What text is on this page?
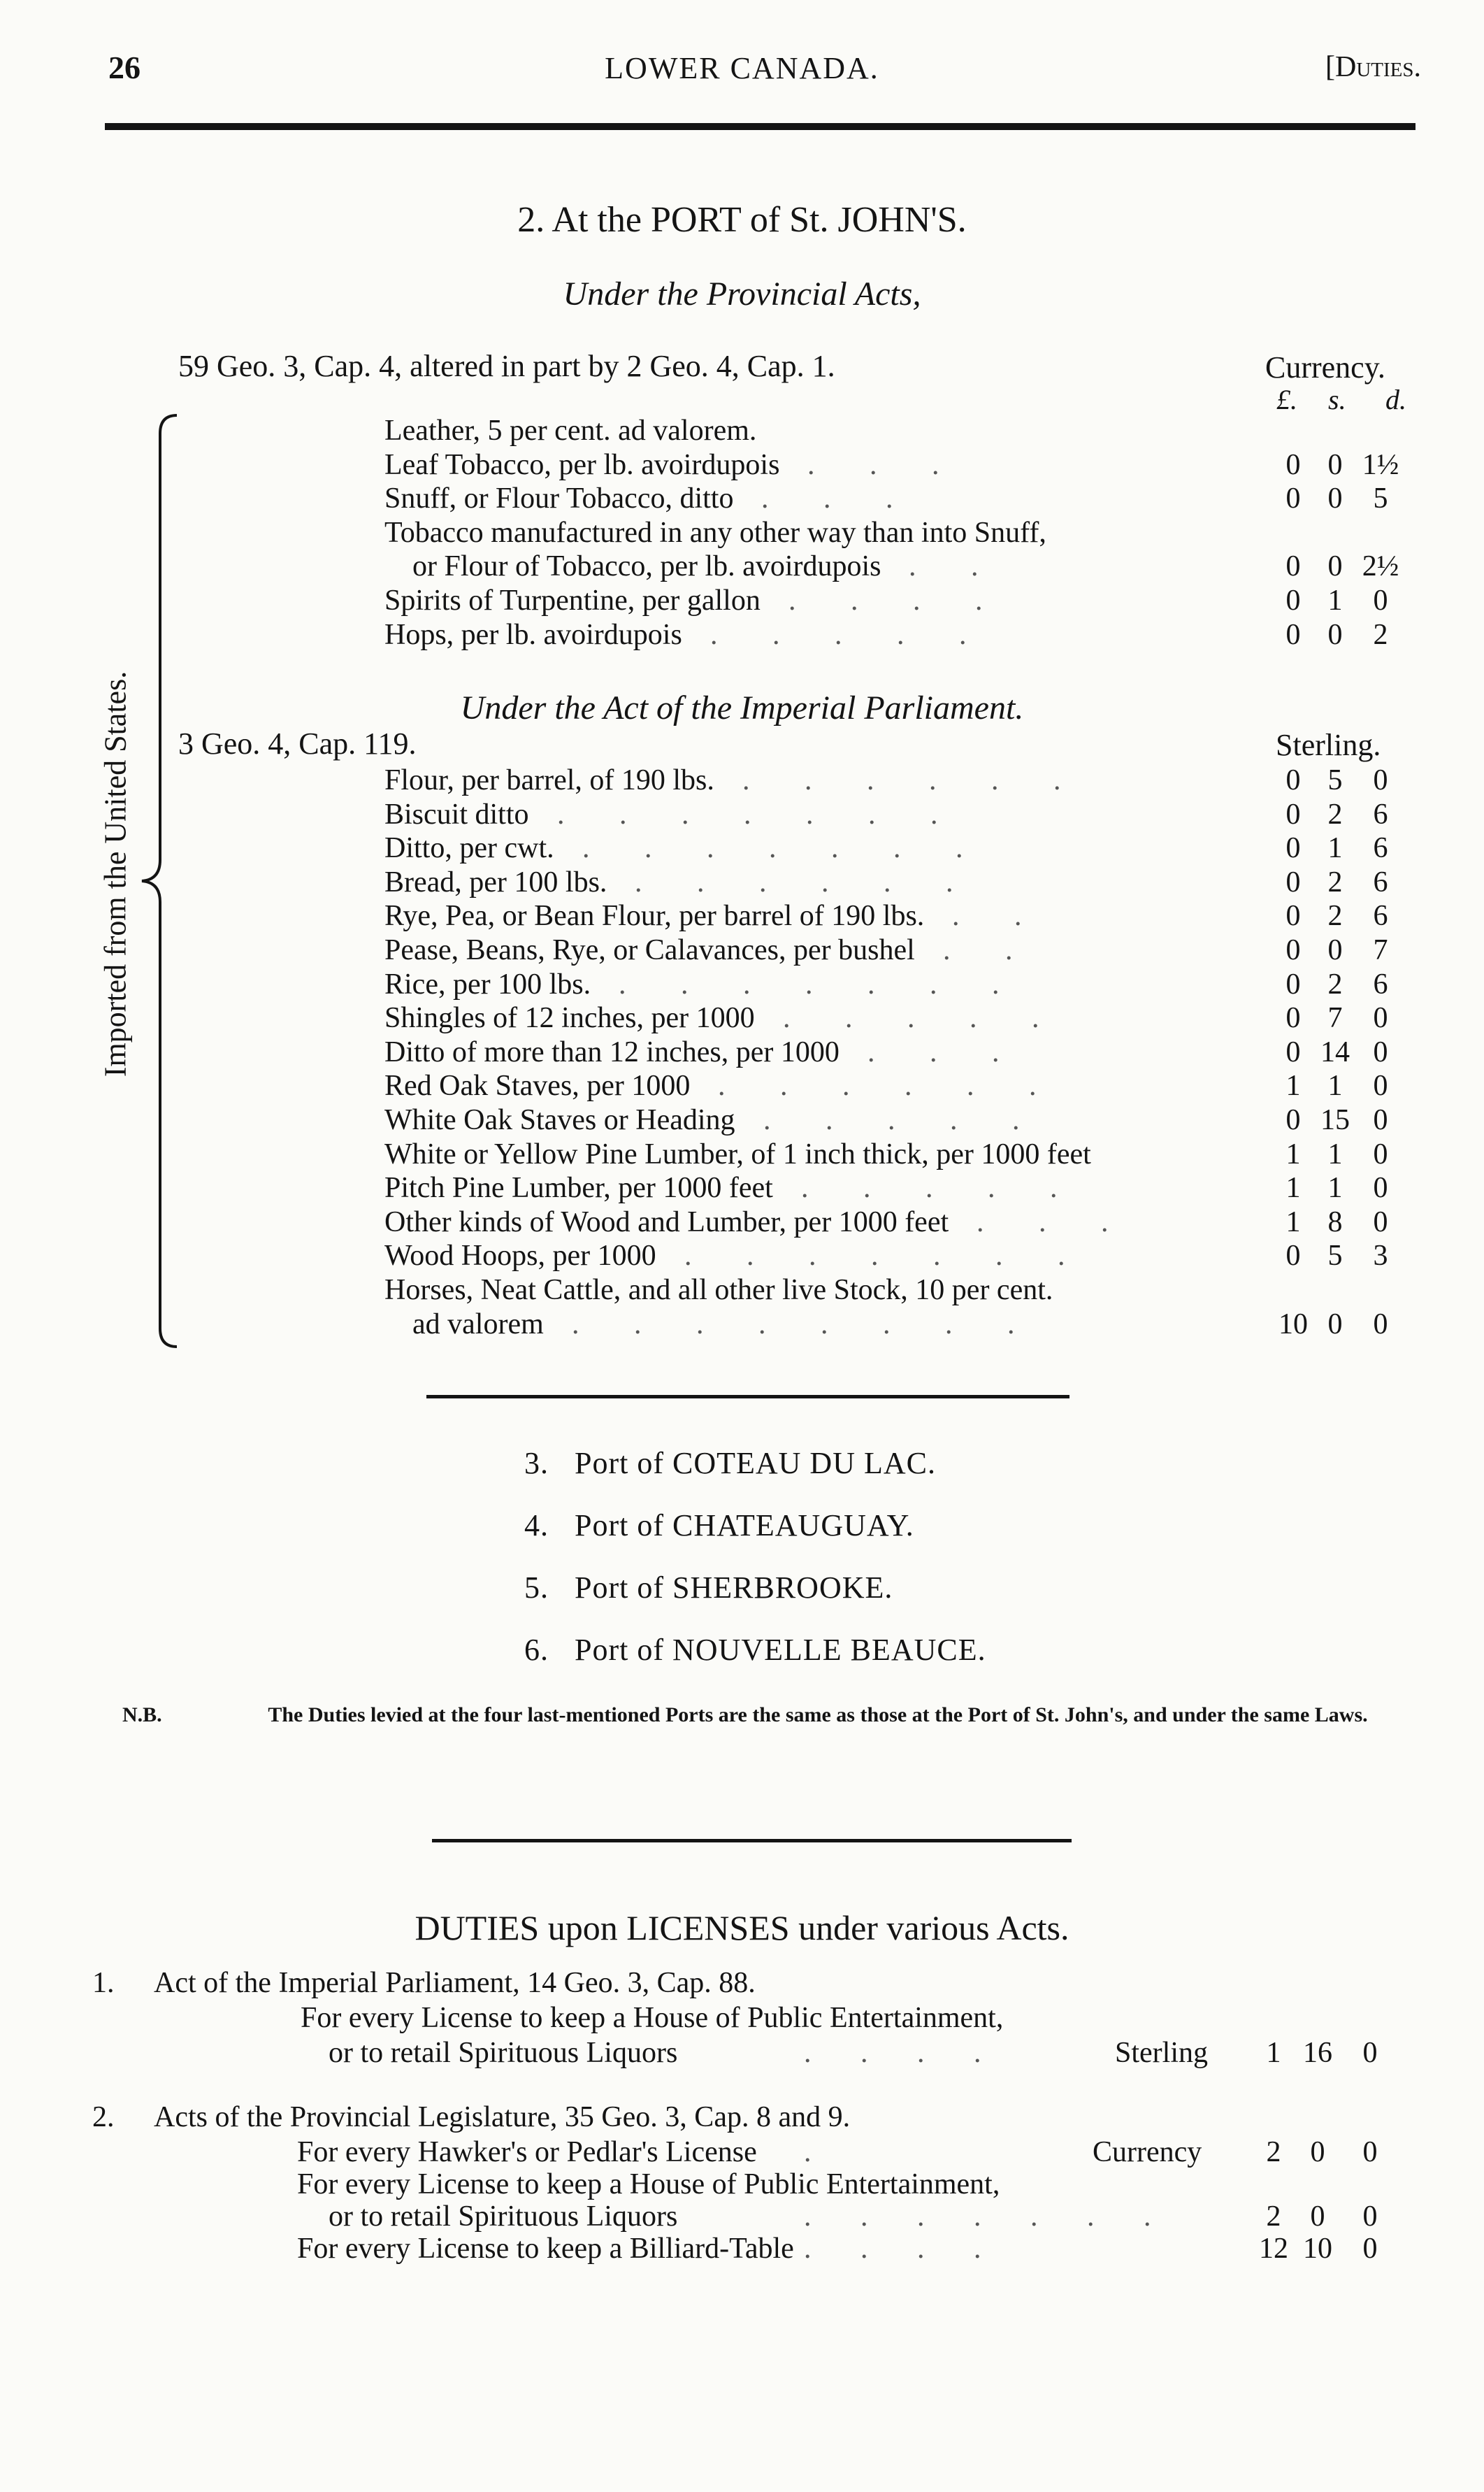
26	LOWER CANADA.	[Duties.
2. At the PORT of St. JOHN'S.
Under the Provincial Acts,
59 Geo. 3, Cap. 4, altered in part by 2 Geo. 4, Cap. 1.	Currency.
£. s. d.
Imported from the United States.
Leather, 5 per cent. ad valorem.
Leaf Tobacco, per lb. avoirdupois . . .	0 0 1½
Snuff, or Flour Tobacco, ditto . . .	0 0	5
Tobacco manufactured in any other way than into Snuff,
or Flour of Tobacco, per lb. avoirdupois . .	0 0 2½
Spirits of Turpentine, per gallon . . . .	0 1	0
Hops, per lb. avoirdupois . . . . .	0 0	2
Under the Act of the Imperial Parliament.
3 Geo. 4, Cap. 119.	Sterling.
Flour, per barrel, of 190 lbs. . . . . . .	0 5	0
Biscuit ditto . . . . . . .	0 2	6
Ditto, per cwt. . . . . . . .	0 1	6
Bread, per 100 lbs. . . . . . .	0 2	6
Rye, Pea, or Bean Flour, per barrel of 190 lbs. . .	0 2	6
Pease, Beans, Rye, or Calavances, per bushel . .	0 0	7
Rice, per 100 lbs. . . . . . . .	0 2	6
Shingles of 12 inches, per 1000 . . . . .	0 7	0
Ditto of more than 12 inches, per 1000 . . .	0 14 0
Red Oak Staves, per 1000 . . . . . .	1 1	0
White Oak Staves or Heading . . . . .	0 15 0
White or Yellow Pine Lumber, of 1 inch thick, per 1000 feet	1 1	0
Pitch Pine Lumber, per 1000 feet . . . . .	1 1	0
Other kinds of Wood and Lumber, per 1000 feet . . .	1 8	0
Wood Hoops, per 1000 . . . . . . .	0 5	3
Horses, Neat Cattle, and all other live Stock, 10 per cent.
ad valorem . . . . . . . .	10 0	0
3. Port of COTEAU DU LAC.
4. Port of CHATEAUGUAY.
5. Port of SHERBROOKE.
6. Port of NOUVELLE BEAUCE.
N.B.	The Duties levied at the four last-mentioned Ports are the same as those at the Port of St. John's, and under the same Laws.
DUTIES upon LICENSES under various Acts.
1. Act of the Imperial Parliament, 14 Geo. 3, Cap. 88.
For every License to keep a House of Public Entertainment,
or to retail Spirituous Liquors	. . . .	Sterling	1 16	0
2. Acts of the Provincial Legislature, 35 Geo. 3, Cap. 8 and 9.
For every Hawker's or Pedlar's License .	Currency	2	0	0
For every License to keep a House of Public Entertainment,
or to retail Spirituous Liquors	. . . . . . .	2	0	0
For every License to keep a Billiard-Table . . . .	12 10	0
